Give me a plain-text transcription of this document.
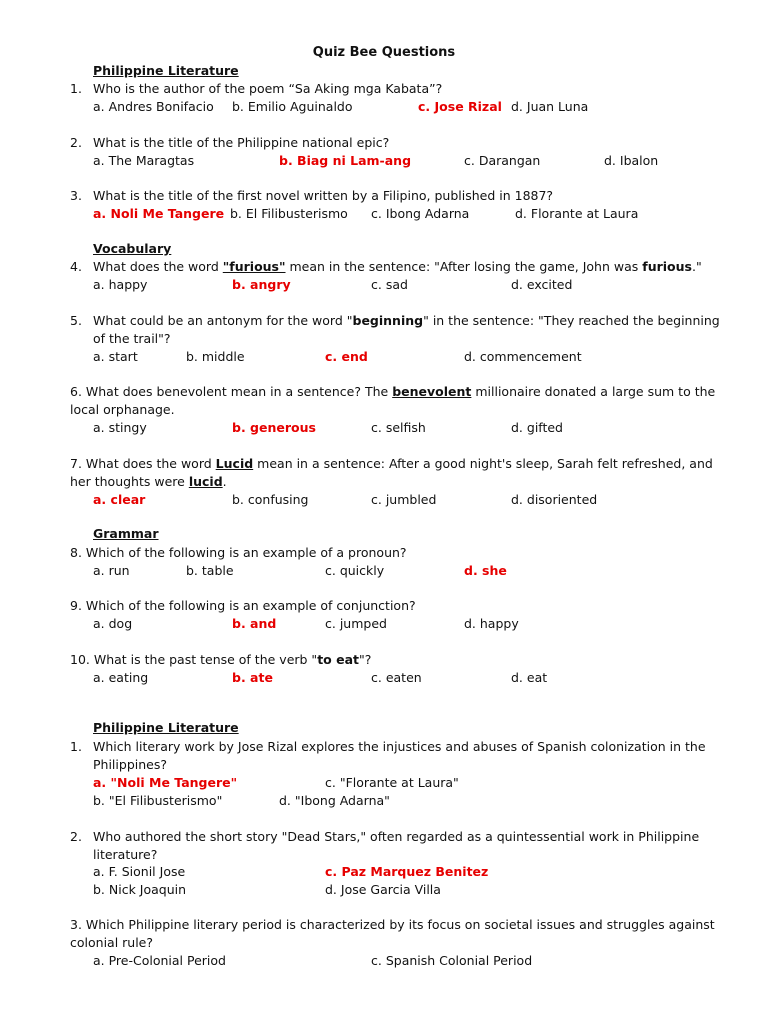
Quiz Bee Questions
Philippine Literature
1. Who is the author of the poem “Sa Aking mga Kabata”?
a. Andres Bonifacio b. Emilio Aguinaldo	c. Jose Rizal d. Juan Luna
2. What is the title of the Philippine national epic?
a. The Maragtas	b. Biag ni Lam-ang	c. Darangan	d. Ibalon
3. What is the title of the first novel written by a Filipino, published in 1887?
a. Noli Me Tangere b. El Filibusterismo c. Ibong Adarna	d. Florante at Laura
Vocabulary
4. What does the word "furious" mean in the sentence: "After losing the game, John was furious."
a. happy	b. angry	c. sad	d. excited
5. What could be an antonym for the word "beginning" in the sentence: "They reached the beginning of the trail"?
a. start	b. middle	c. end	d. commencement
6. What does benevolent mean in a sentence? The benevolent millionaire donated a large sum to the local orphanage.
a. stingy	b. generous	c. selfish	d. gifted
7. What does the word Lucid mean in a sentence: After a good night's sleep, Sarah felt refreshed, and her thoughts were lucid.
a. clear	b. confusing	c. jumbled	d. disoriented
Grammar
8. Which of the following is an example of a pronoun?
a. run	b. table	c. quickly	d. she
9. Which of the following is an example of conjunction?
a. dog	b. and	c. jumped	d. happy
10. What is the past tense of the verb "to eat"?
a. eating	b. ate	c. eaten	d. eat
Philippine Literature
1. Which literary work by Jose Rizal explores the injustices and abuses of Spanish colonization in the Philippines?
a. "Noli Me Tangere"	c. "Florante at Laura"
b. "El Filibusterismo"	d. "Ibong Adarna"
2. Who authored the short story "Dead Stars," often regarded as a quintessential work in Philippine literature?
a. F. Sionil Jose	c. Paz Marquez Benitez
b. Nick Joaquin	d. Jose Garcia Villa
3. Which Philippine literary period is characterized by its focus on societal issues and struggles against colonial rule?
a. Pre-Colonial Period	c. Spanish Colonial Period
